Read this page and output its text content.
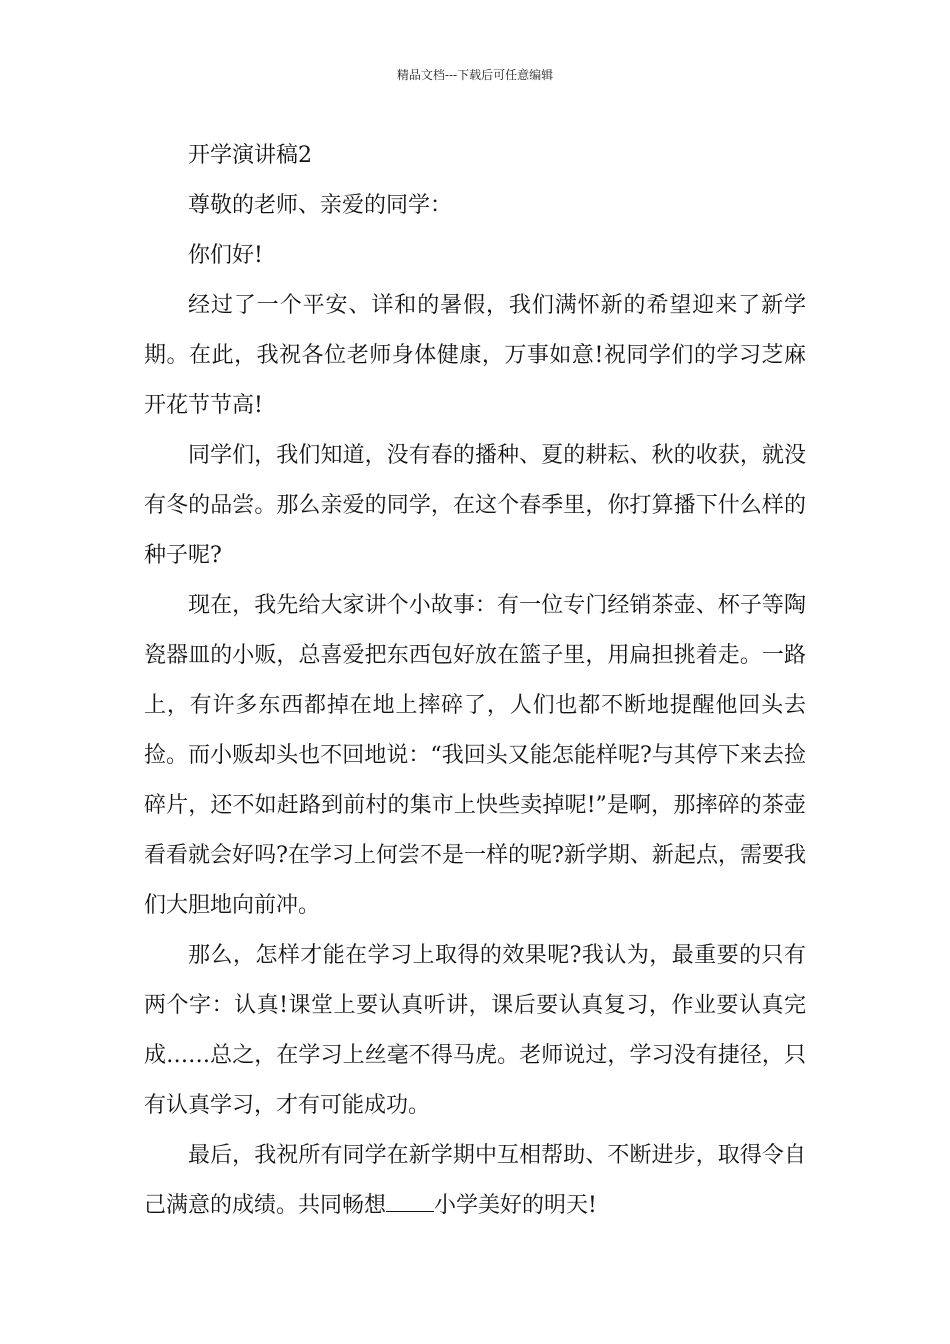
精品文档---下载后可任意编辑

开学演讲稿2

尊敬的老师、亲爱的同学：

你们好!

经过了一个平安、详和的暑假，我们满怀新的希望迎来了新学期。在此，我祝各位老师身体健康，万事如意!祝同学们的学习芝麻开花节节高!

同学们，我们知道，没有春的播种、夏的耕耘、秋的收获，就没有冬的品尝。那么亲爱的同学，在这个春季里，你打算播下什么样的种子呢?

现在，我先给大家讲个小故事：有一位专门经销茶壶、杯子等陶瓷器皿的小贩，总喜爱把东西包好放在篮子里，用扁担挑着走。一路上，有许多东西都掉在地上摔碎了，人们也都不断地提醒他回头去捡。而小贩却头也不回地说：“我回头又能怎能样呢?与其停下来去捡碎片，还不如赶路到前村的集市上快些卖掉呢!”是啊，那摔碎的茶壶看看就会好吗?在学习上何尝不是一样的呢?新学期、新起点，需要我们大胆地向前冲。

那么，怎样才能在学习上取得的效果呢?我认为，最重要的只有两个字：认真!课堂上要认真听讲，课后要认真复习，作业要认真完成……总之，在学习上丝毫不得马虎。老师说过，学习没有捷径，只有认真学习，才有可能成功。

最后，我祝所有同学在新学期中互相帮助、不断进步，取得令自己满意的成绩。共同畅想 小学美好的明天!
